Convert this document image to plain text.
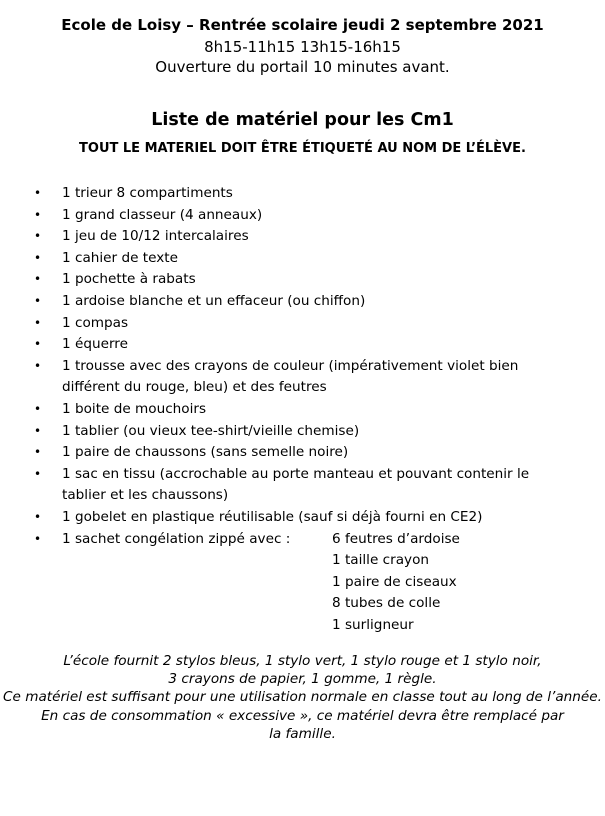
Ecole de Loisy – Rentrée scolaire jeudi 2 septembre 2021
8h15-11h15 13h15-16h15
Ouverture du portail 10 minutes avant.
Liste de matériel pour les Cm1
TOUT LE MATERIEL DOIT ÊTRE ÉTIQUETÉ AU NOM DE L’ÉLÈVE.
• 1 trieur 8 compartiments
• 1 grand classeur (4 anneaux)
• 1 jeu de 10/12 intercalaires
• 1 cahier de texte
• 1 pochette à rabats
• 1 ardoise blanche et un effaceur (ou chiffon)
• 1 compas
• 1 équerre
• 1 trousse avec des crayons de couleur (impérativement violet bien différent du rouge, bleu) et des feutres
• 1 boite de mouchoirs
• 1 tablier (ou vieux tee-shirt/vieille chemise)
• 1 paire de chaussons (sans semelle noire)
• 1 sac en tissu (accrochable au porte manteau et pouvant contenir le tablier et les chaussons)
• 1 gobelet en plastique réutilisable (sauf si déjà fourni en CE2)
• 1 sachet congélation zippé avec :	6 feutres d’ardoise
1 taille crayon
1 paire de ciseaux
8 tubes de colle
1 surligneur

L’école fournit 2 stylos bleus, 1 stylo vert, 1 stylo rouge et 1 stylo noir, 3 crayons de papier, 1 gomme, 1 règle.

Ce matériel est suffisant pour une utilisation normale en classe tout au long de l’année.

En cas de consommation « excessive », ce matériel devra être remplacé par la famille.
